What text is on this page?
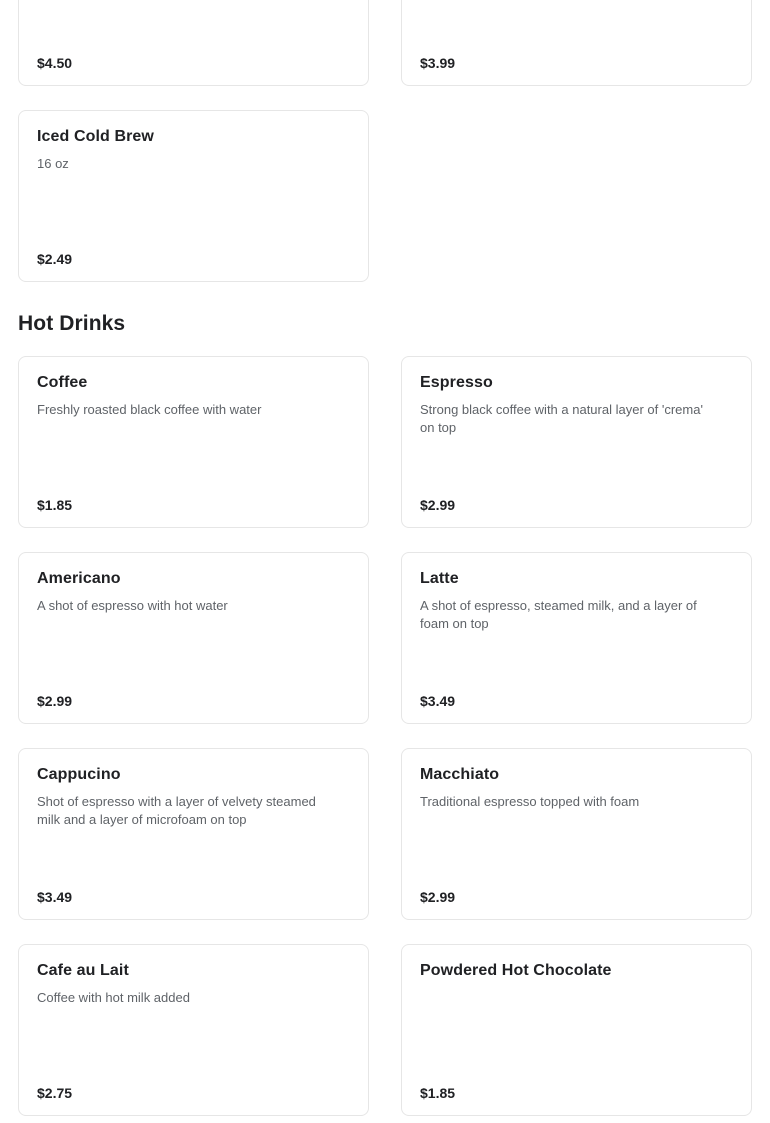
$4.50	$3.99
Iced Cold Brew
16 oz
$2.49
Hot Drinks
Coffee
Freshly roasted black coffee with water
$1.85
Espresso
Strong black coffee with a natural layer of 'crema' on top
$2.99
Americano
A shot of espresso with hot water
$2.99
Latte
A shot of espresso, steamed milk, and a layer of foam on top
$3.49
Cappucino
Shot of espresso with a layer of velvety steamed milk and a layer of microfoam on top
$3.49
Macchiato
Traditional espresso topped with foam
$2.99
Cafe au Lait
Coffee with hot milk added
$2.75
Powdered Hot Chocolate
$1.85
